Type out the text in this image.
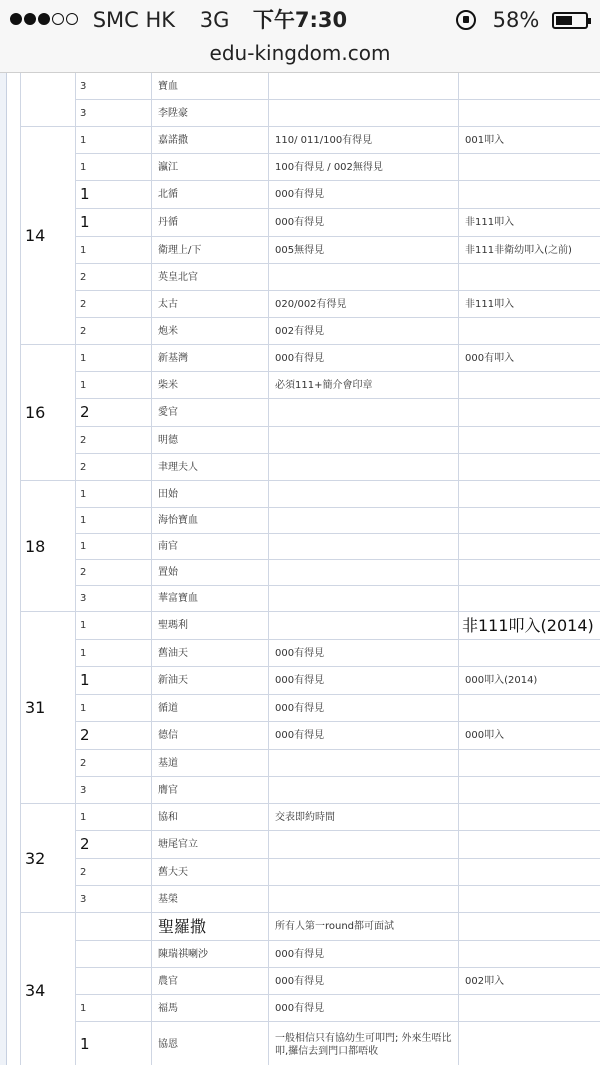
SMC HK 3G	下午7:30	58%
edu-kingdom.com
	3	寶血		
	3	李陞豪		
14	1	嘉諾撒	110/ 011/100有得見	001叩入
	1	瀛江	100有得見 / 002無得見	
	1	北循	000有得見	
	1	丹循	000有得見	非111叩入
	1	衛理上/下	005無得見	非111非衛幼叩入(之前)
	2	英皇北官		
	2	太古	020/002有得見	非111叩入
	2	炮米	002有得見	
16	1	新基灣	000有得見	000有叩入
	1	柴米	必須111+簡介會印章	
	2	愛官		
	2	明德		
	2	聿理夫人		
18	1	田始		
	1	海怡寶血		
	1	南官		
	2	置始		
	3	華富寶血		
31	1	聖瑪利		非111叩入(2014)
	1	舊油天	000有得見	
	1	新油天	000有得見	000叩入(2014)
	1	循道	000有得見	
	2	德信	000有得見	000叩入
	2	基道		
	3	膺官		
32	1	協和	交表即約時間	
	2	塘尾官立		
	2	舊大天		
	3	基榮		
34		聖羅撒	所有人第一round都可面試	
		陳瑞祺喇沙	000有得見	
		農官	000有得見	002叩入
	1	福馬	000有得見	
	1	協恩	一般相信只有協幼生可叩門; 外來生唔比叩,攞信去到門口都唔收	
